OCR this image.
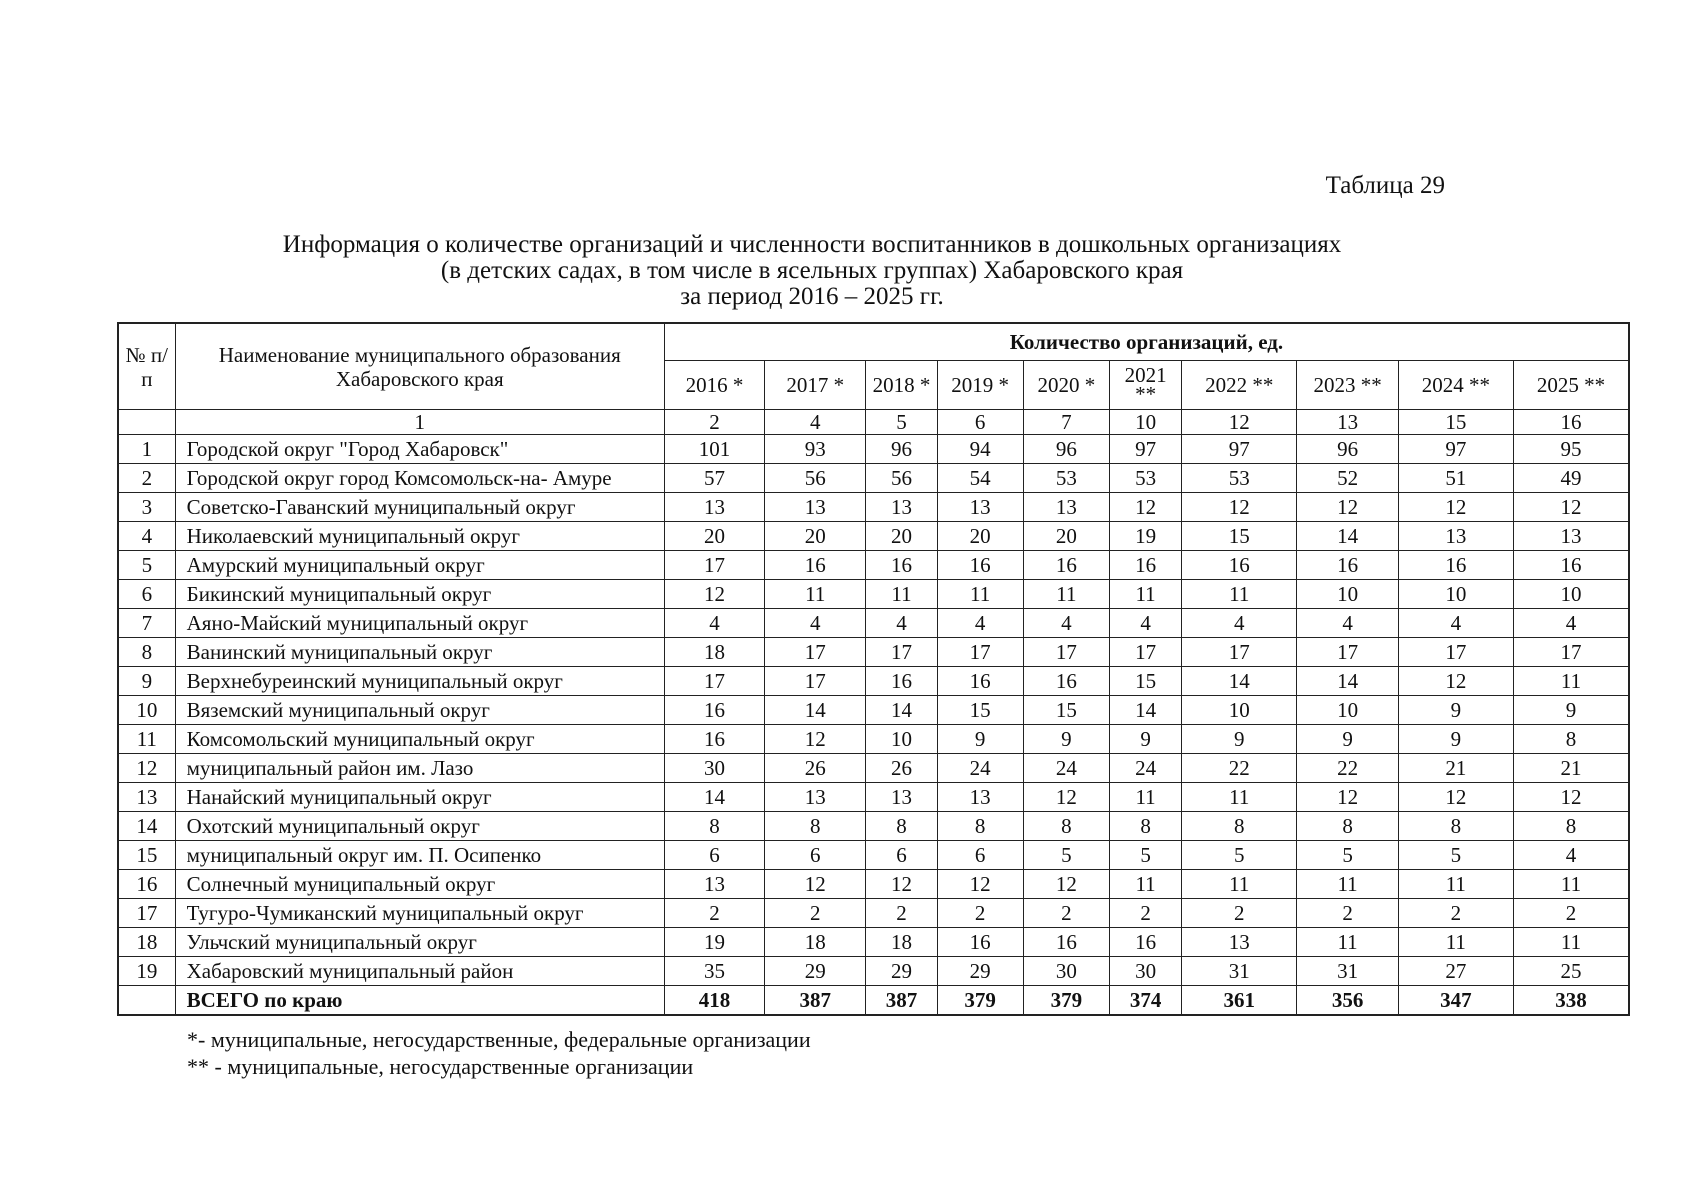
Таблица 29
Информация о количестве организаций и численности воспитанников в дошкольных организациях
(в детских садах, в том числе в ясельных группах) Хабаровского края
за период 2016 – 2025 гг.
№ п/п	Наименование муниципального образования Хабаровского края	Количество организаций, ед.									
		2016 *	2017 *	2018 *	2019 *	2020 *	2021 **	2022 **	2023 **	2024 **	2025 **
	1	2	4	5	6	7	10	12	13	15	16
1	Городской округ "Город Хабаровск"	101	93	96	94	96	97	97	96	97	95
2	Городской округ город Комсомольск-на- Амуре	57	56	56	54	53	53	53	52	51	49
3	Советско-Гаванский муниципальный округ	13	13	13	13	13	12	12	12	12	12
4	Николаевский муниципальный округ	20	20	20	20	20	19	15	14	13	13
5	Амурский муниципальный округ	17	16	16	16	16	16	16	16	16	16
6	Бикинский муниципальный округ	12	11	11	11	11	11	11	10	10	10
7	Аяно-Майский муниципальный округ	4	4	4	4	4	4	4	4	4	4
8	Ванинский муниципальный округ	18	17	17	17	17	17	17	17	17	17
9	Верхнебуреинский муниципальный округ	17	17	16	16	16	15	14	14	12	11
10	Вяземский муниципальный округ	16	14	14	15	15	14	10	10	9	9
11	Комсомольский муниципальный округ	16	12	10	9	9	9	9	9	9	8
12	муниципальный район им. Лазо	30	26	26	24	24	24	22	22	21	21
13	Нанайский муниципальный округ	14	13	13	13	12	11	11	12	12	12
14	Охотский муниципальный округ	8	8	8	8	8	8	8	8	8	8
15	муниципальный округ им. П. Осипенко	6	6	6	6	5	5	5	5	5	4
16	Солнечный муниципальный округ	13	12	12	12	12	11	11	11	11	11
17	Тугуро-Чумиканский муниципальный округ	2	2	2	2	2	2	2	2	2	2
18	Ульчский муниципальный округ	19	18	18	16	16	16	13	11	11	11
19	Хабаровский муниципальный район	35	29	29	29	30	30	31	31	27	25
	ВСЕГО по краю	418	387	387	379	379	374	361	356	347	338
*- муниципальные, негосударственные, федеральные организации
** - муниципальные, негосударственные организации
